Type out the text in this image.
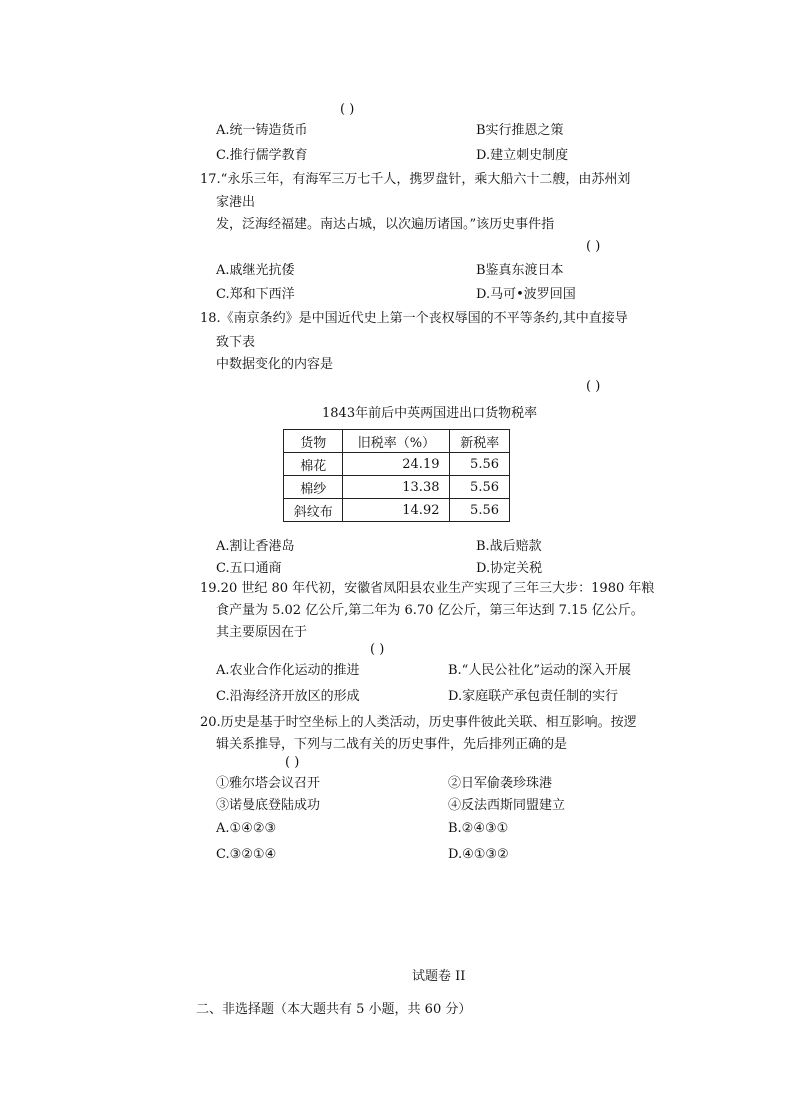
( )
A.统一铸造货币	B实行推恩之策
C.推行儒学教育	D.建立刺史制度
17.“永乐三年，有海军三万七千人，携罗盘针，乘大船六十二艘，由苏州刘
家港出
发，泛海经福建。南达占城，以次遍历诸国。”该历史事件指
( )
A.戚继光抗倭	B鉴真东渡日本
C.郑和下西洋	D.马可•波罗回国
18.《南京条约》是中国近代史上第一个丧权辱国的不平等条约,其中直接导
致下表
中数据变化的内容是
( )
1843年前后中英两国进出口货物税率
货物	旧税率（%）	新税率
棉花	24.19	5.56
棉纱	13.38	5.56
斜纹布	14.92	5.56
A.割让香港岛	B.战后赔款
C.五口通商	D.协定关税
19.20 世纪 80 年代初，安徽省凤阳县农业生产实现了三年三大步：1980 年粮
食产量为 5.02 亿公斤,第二年为 6.70 亿公斤，第三年达到 7.15 亿公斤。
其主要原因在于
( )
A.农业合作化运动的推进	B.“人民公社化”运动的深入开展
C.沿海经济开放区的形成	D.家庭联产承包责任制的实行
20.历史是基于时空坐标上的人类活动，历史事件彼此关联、相互影响。按逻
辑关系推导，下列与二战有关的历史事件，先后排列正确的是
( )
①雅尔塔会议召开	②日军偷袭珍珠港
③诺曼底登陆成功	④反法西斯同盟建立
A.①④②③	B.②④③①
C.③②①④	D.④①③②
试题卷 II
二、非选择题（本大题共有 5 小题，共 60 分）
